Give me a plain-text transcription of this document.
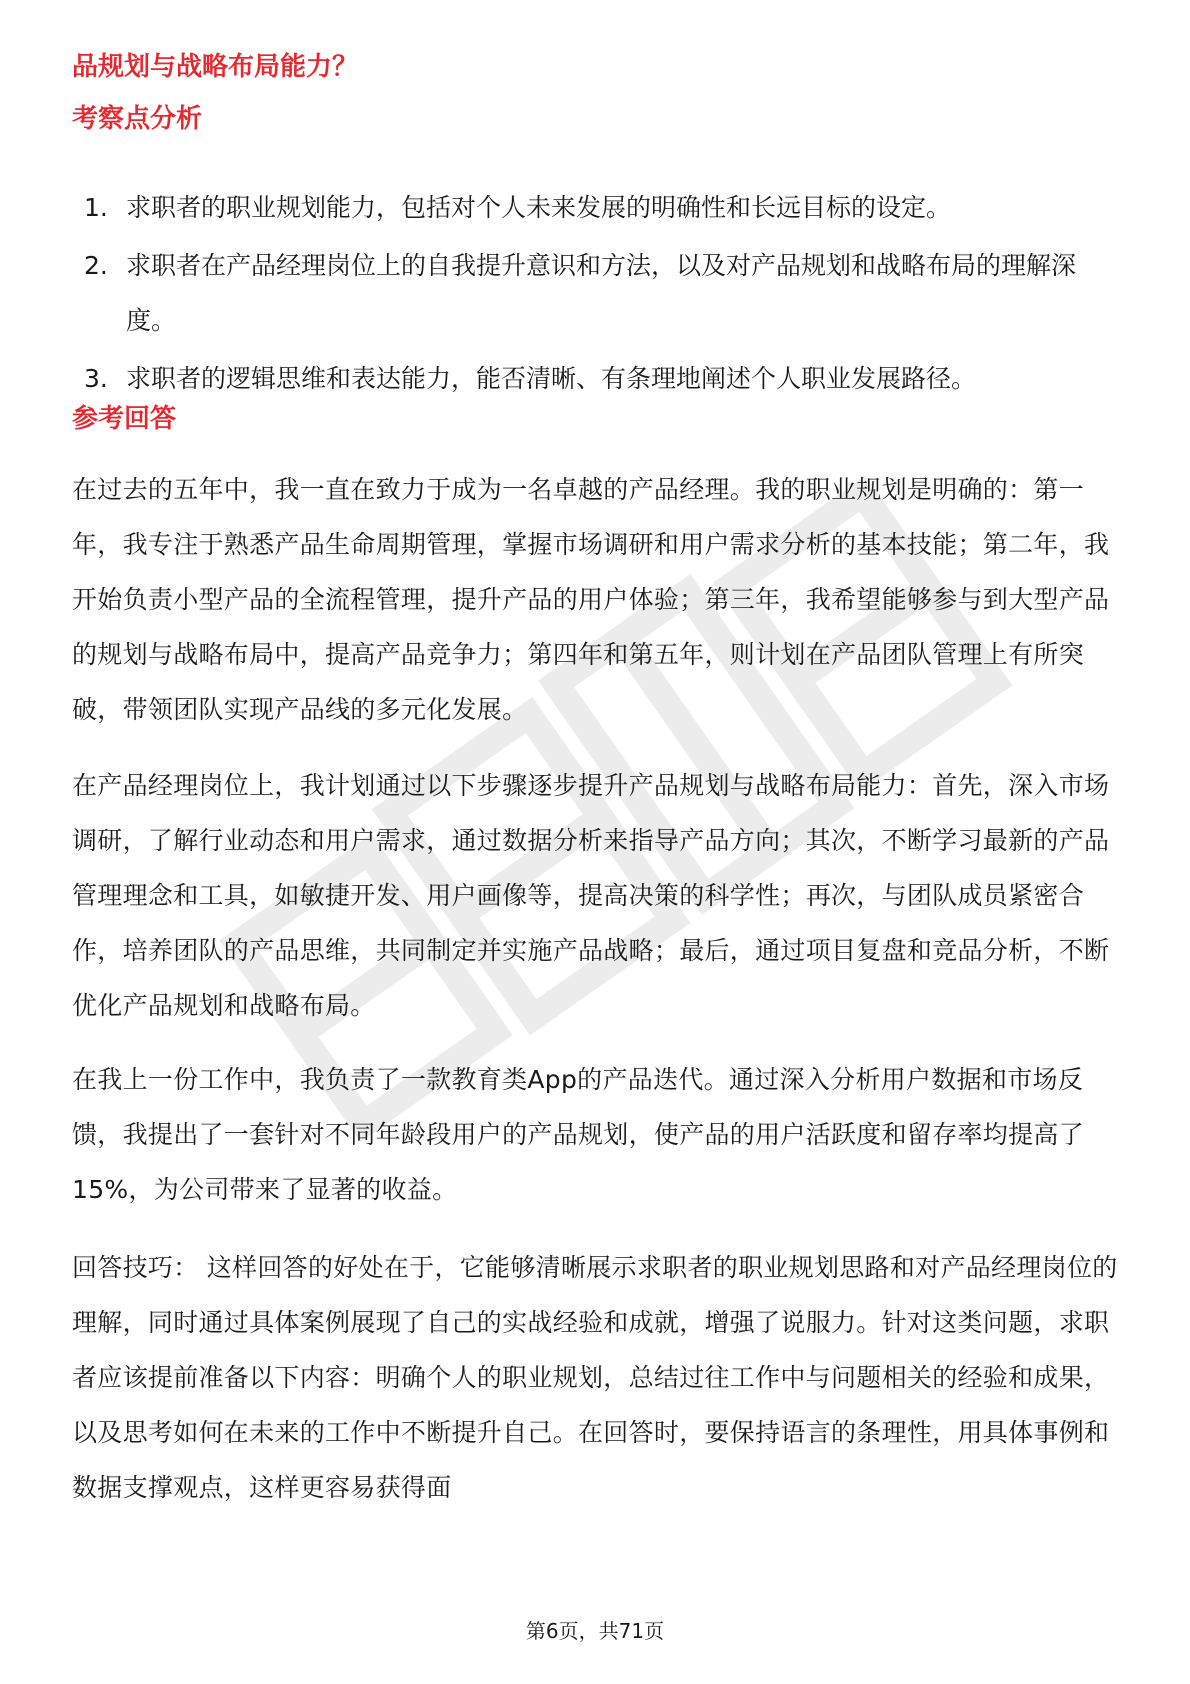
品规划与战略布局能力？
考察点分析
1. 求职者的职业规划能力，包括对个人未来发展的明确性和长远目标的设定。
2. 求职者在产品经理岗位上的自我提升意识和方法，以及对产品规划和战略布局的理解深度。
3. 求职者的逻辑思维和表达能力，能否清晰、有条理地阐述个人职业发展路径。
参考回答

在过去的五年中，我一直在致力于成为一名卓越的产品经理。我的职业规划是明确的：第一年，我专注于熟悉产品生命周期管理，掌握市场调研和用户需求分析的基本技能；第二年，我开始负责小型产品的全流程管理，提升产品的用户体验；第三年，我希望能够参与到大型产品的规划与战略布局中，提高产品竞争力；第四年和第五年，则计划在产品团队管理上有所突破，带领团队实现产品线的多元化发展。

在产品经理岗位上，我计划通过以下步骤逐步提升产品规划与战略布局能力：首先，深入市场调研，了解行业动态和用户需求，通过数据分析来指导产品方向；其次，不断学习最新的产品管理理念和工具，如敏捷开发、用户画像等，提高决策的科学性；再次，与团队成员紧密合作，培养团队的产品思维，共同制定并实施产品战略；最后，通过项目复盘和竞品分析，不断优化产品规划和战略布局。

在我上一份工作中，我负责了一款教育类App的产品迭代。通过深入分析用户数据和市场反馈，我提出了一套针对不同年龄段用户的产品规划，使产品的用户活跃度和留存率均提高了15%，为公司带来了显著的收益。

回答技巧： 这样回答的好处在于，它能够清晰展示求职者的职业规划思路和对产品经理岗位的理解，同时通过具体案例展现了自己的实战经验和成就，增强了说服力。针对这类问题，求职者应该提前准备以下内容：明确个人的职业规划，总结过往工作中与问题相关的经验和成果，以及思考如何在未来的工作中不断提升自己。在回答时，要保持语言的条理性，用具体事例和数据支撑观点，这样更容易获得面

第6页，共71页
